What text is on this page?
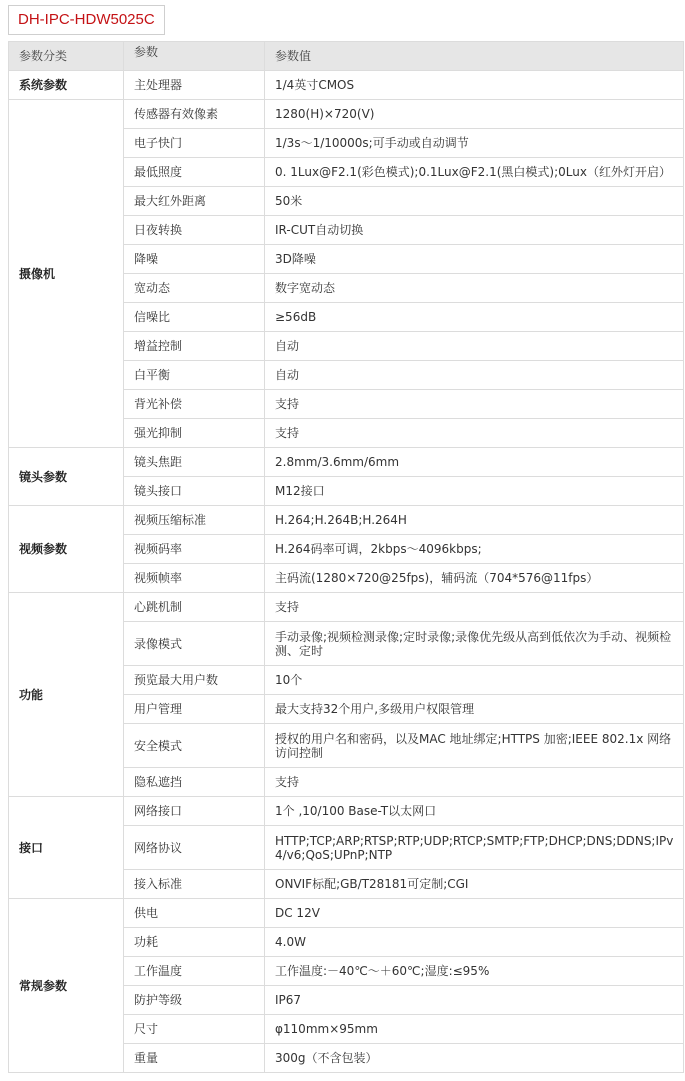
DH-IPC-HDW5025C
参数分类	参数	参数值
系统参数	主处理器	1/4英寸CMOS
摄像机	传感器有效像素	1280(H)×720(V)
	电子快门	1/3s～1/10000s;可手动或自动调节
	最低照度	0. 1Lux@F2.1(彩色模式);0.1Lux@F2.1(黑白模式);0Lux（红外灯开启）
	最大红外距离	50米
	日夜转换	IR-CUT自动切换
	降噪	3D降噪
	宽动态	数字宽动态
	信噪比	≥56dB
	增益控制	自动
	白平衡	自动
	背光补偿	支持
	强光抑制	支持
镜头参数	镜头焦距	2.8mm/3.6mm/6mm
	镜头接口	M12接口
视频参数	视频压缩标准	H.264;H.264B;H.264H
	视频码率	H.264码率可调，2kbps～4096kbps;
	视频帧率	主码流(1280×720@25fps)，辅码流（704*576@11fps）
功能	心跳机制	支持
	录像模式	手动录像;视频检测录像;定时录像;录像优先级从高到低依次为手动、视频检测、定时
	预览最大用户数	10个
	用户管理	最大支持32个用户,多级用户权限管理
	安全模式	授权的用户名和密码，以及MAC 地址绑定;HTTPS 加密;IEEE 802.1x 网络访问控制
	隐私遮挡	支持
接口	网络接口	1个 ,10/100 Base-T以太网口
	网络协议	HTTP;TCP;ARP;RTSP;RTP;UDP;RTCP;SMTP;FTP;DHCP;DNS;DDNS;IPv4/v6;QoS;UPnP;NTP
	接入标准	ONVIF标配;GB/T28181可定制;CGI
常规参数	供电	DC 12V
	功耗	4.0W
	工作温度	工作温度:－40℃～＋60℃;湿度:≤95%
	防护等级	IP67
	尺寸	φ110mm×95mm
	重量	300g（不含包装）
